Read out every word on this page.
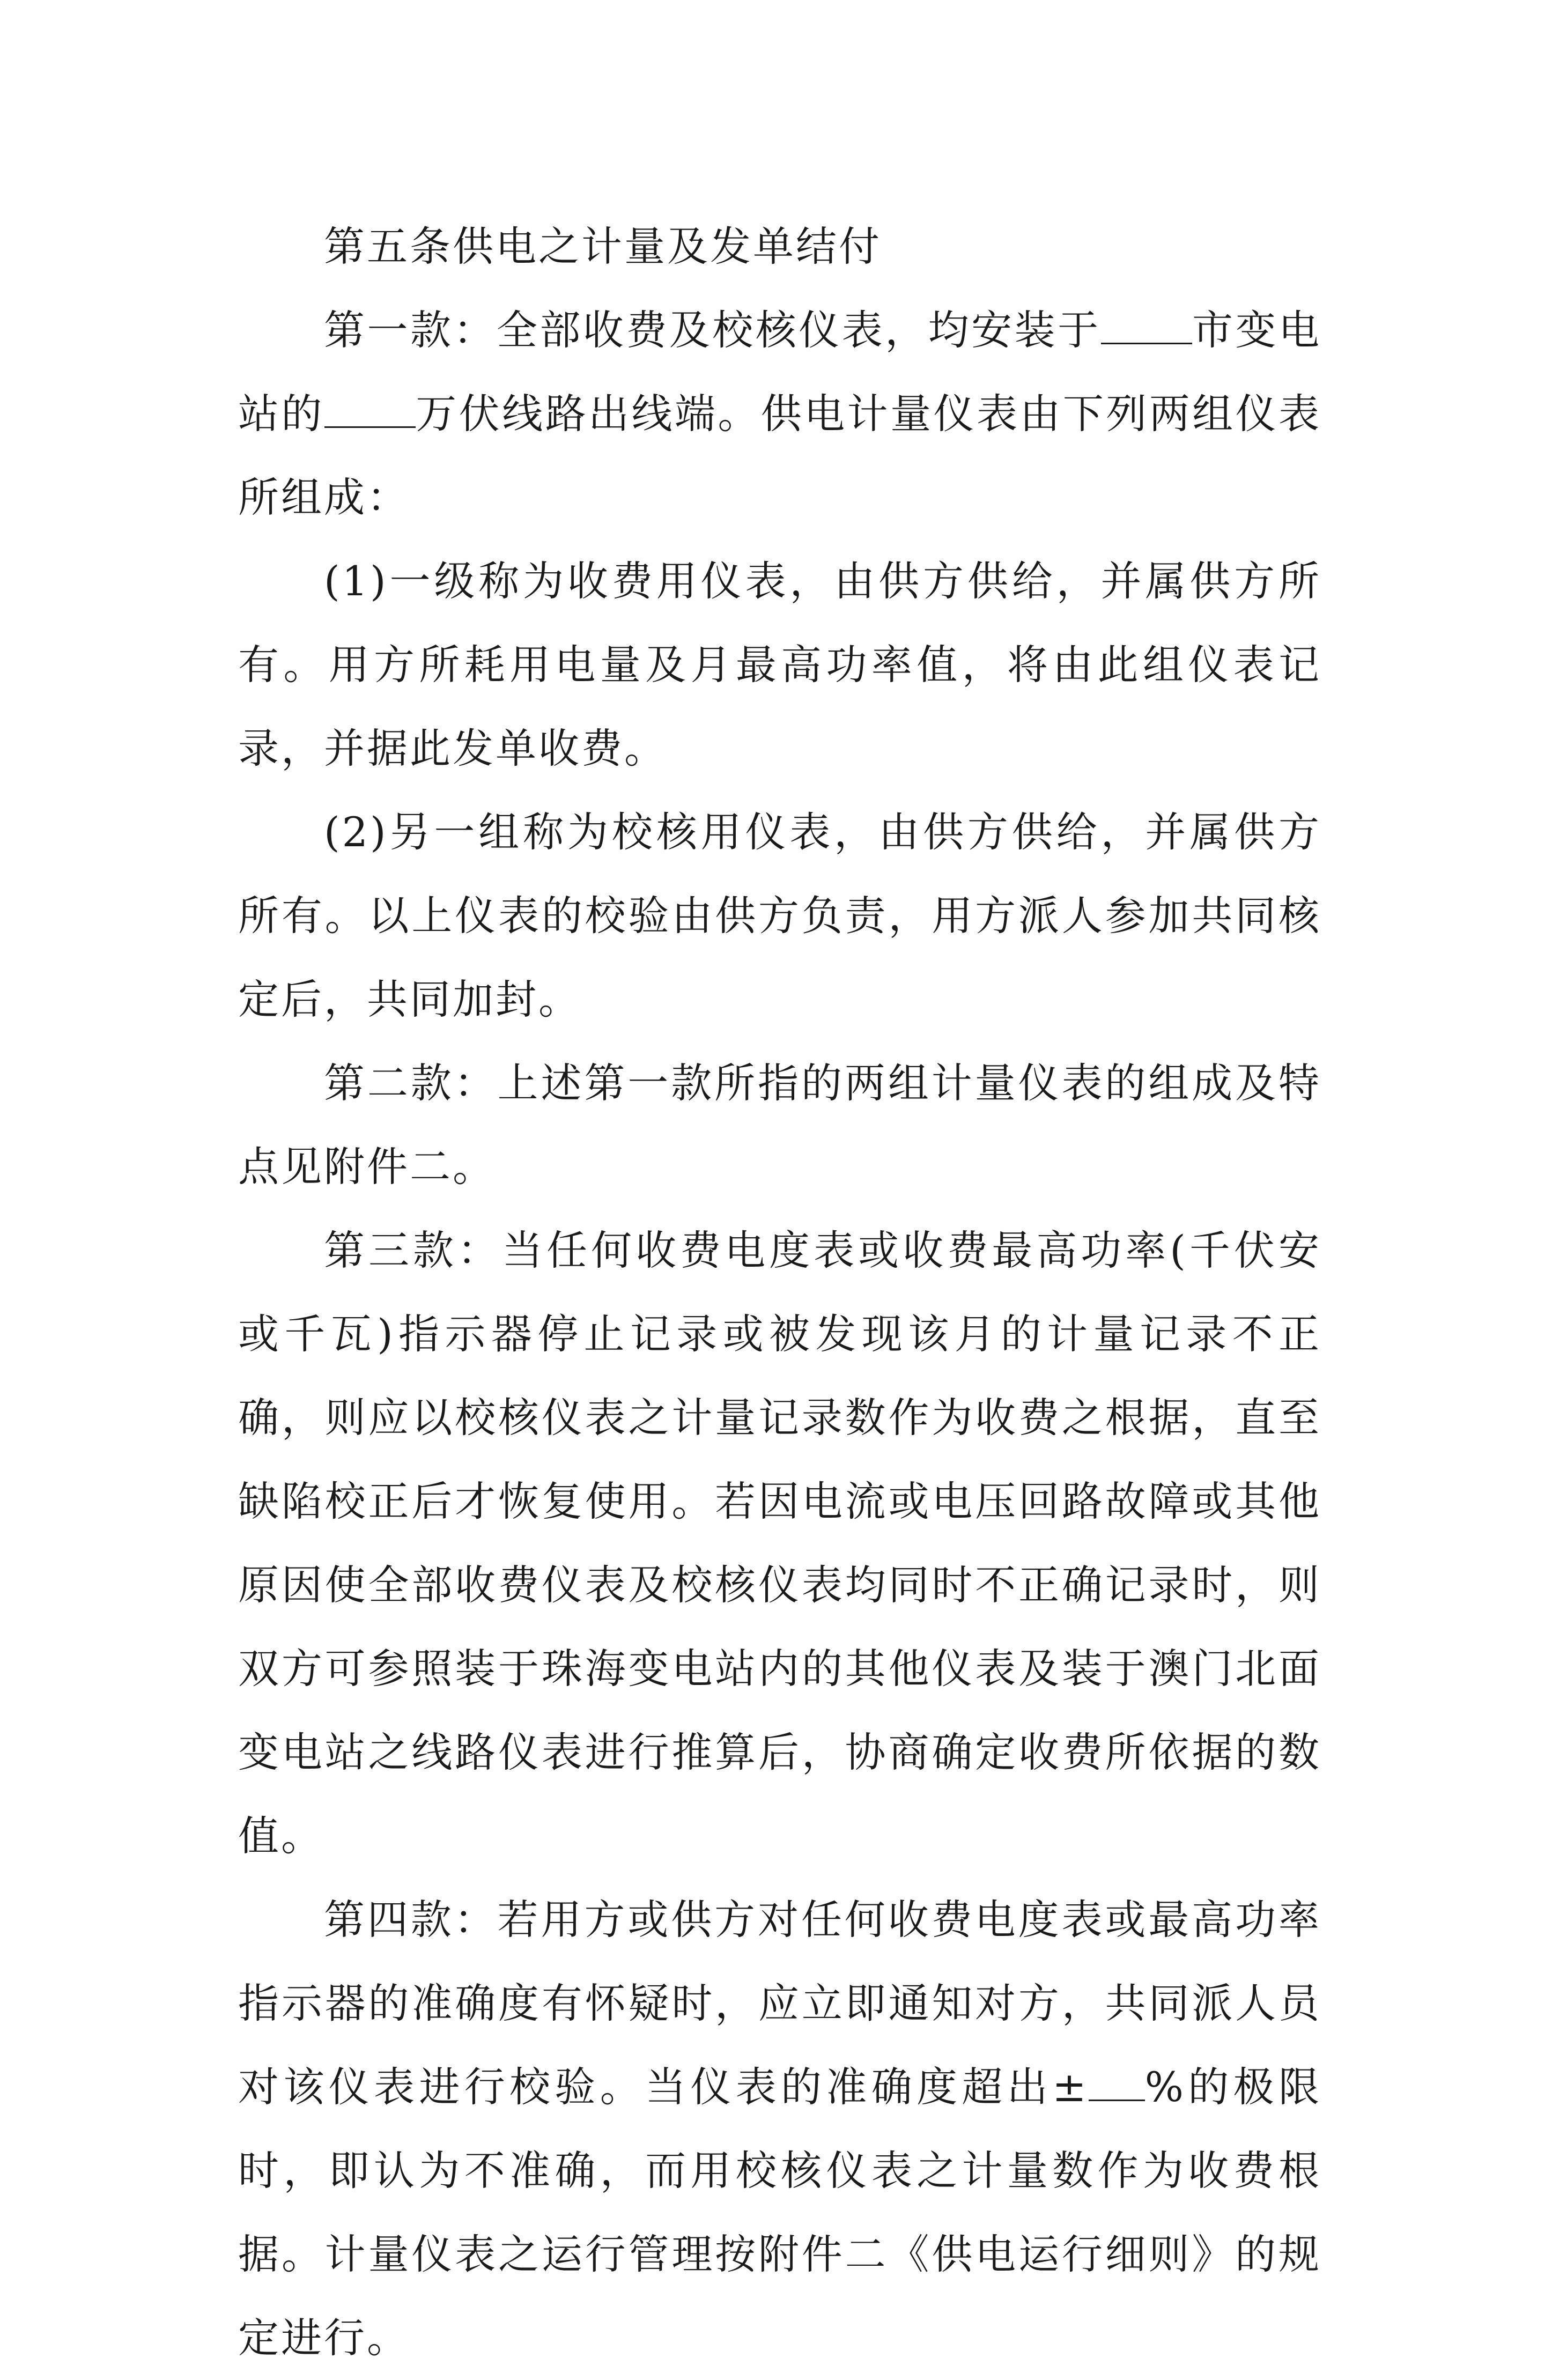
第五条供电之计量及发单结付

第一款：全部收费及校核仪表，均安装于 市变电站的 万伏线路出线端。供电计量仪表由下列两组仪表所组成：

(1)一级称为收费用仪表，由供方供给，并属供方所有。用方所耗用电量及月最高功率值，将由此组仪表记录，并据此发单收费。

(2)另一组称为校核用仪表，由供方供给，并属供方所有。以上仪表的校验由供方负责，用方派人参加共同核定后，共同加封。

第二款：上述第一款所指的两组计量仪表的组成及特点见附件二。

第三款：当任何收费电度表或收费最高功率(千伏安或千瓦)指示器停止记录或被发现该月的计量记录不正确，则应以校核仪表之计量记录数作为收费之根据，直至缺陷校正后才恢复使用。若因电流或电压回路故障或其他原因使全部收费仪表及校核仪表均同时不正确记录时，则双方可参照装于珠海变电站内的其他仪表及装于澳门北面变电站之线路仪表进行推算后，协商确定收费所依据的数值。

第四款：若用方或供方对任何收费电度表或最高功率指示器的准确度有怀疑时，应立即通知对方，共同派人员对该仪表进行校验。当仪表的准确度超出± %的极限时，即认为不准确，而用校核仪表之计量数作为收费根据。计量仪表之运行管理按附件二《供电运行细则》的规定进行。
